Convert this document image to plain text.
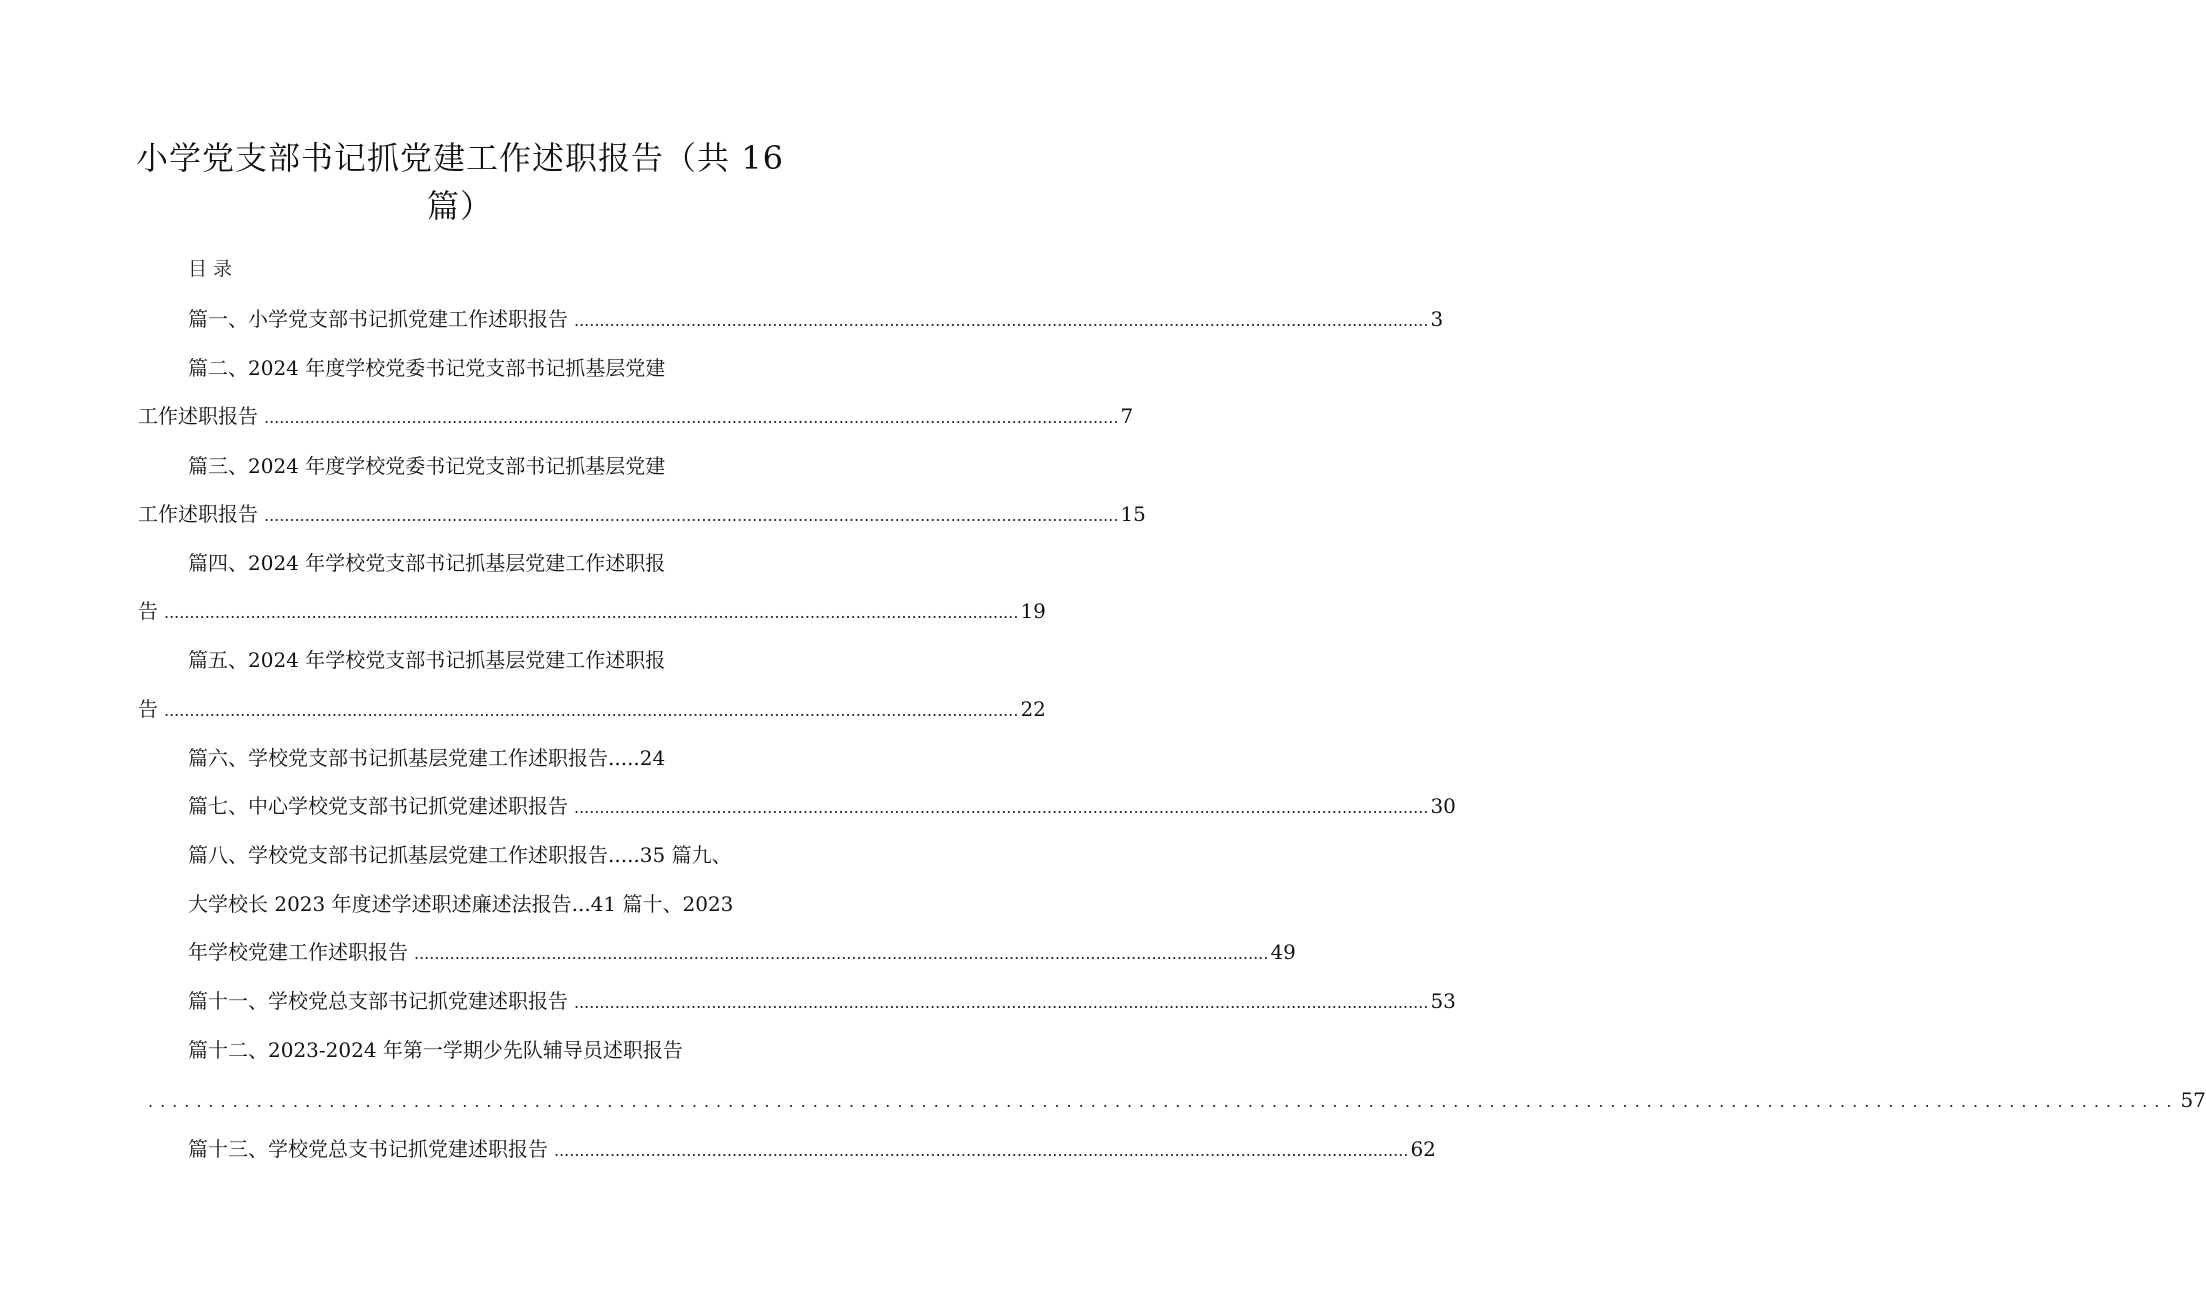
小学党支部书记抓党建工作述职报告（共 16
篇）
目录
篇一、小学党支部书记抓党建工作述职报告 ........................................................................................................................................................................ 3
篇二、2024 年度学校党委书记党支部书记抓基层党建
工作述职报告 ........................................................................................................................................................................ 7
篇三、2024 年度学校党委书记党支部书记抓基层党建
工作述职报告 ........................................................................................................................................................................ 15
篇四、2024 年学校党支部书记抓基层党建工作述职报
告 ........................................................................................................................................................................ 19
篇五、2024 年学校党支部书记抓基层党建工作述职报
告 ........................................................................................................................................................................ 22
篇六、学校党支部书记抓基层党建工作述职报告.....24
篇七、中心学校党支部书记抓党建述职报告 ........................................................................................................................................................................ 30
篇八、学校党支部书记抓基层党建工作述职报告.....35 篇九、
大学校长 2023 年度述学述职述廉述法报告...41 篇十、2023
年学校党建工作述职报告 ........................................................................................................................................................................ 49
篇十一、学校党总支部书记抓党建述职报告 ........................................................................................................................................................................ 53
篇十二、2023-2024 年第一学期少先队辅导员述职报告
........................................................................................................................................................................ 57
篇十三、学校党总支书记抓党建述职报告 ........................................................................................................................................................................ 62
